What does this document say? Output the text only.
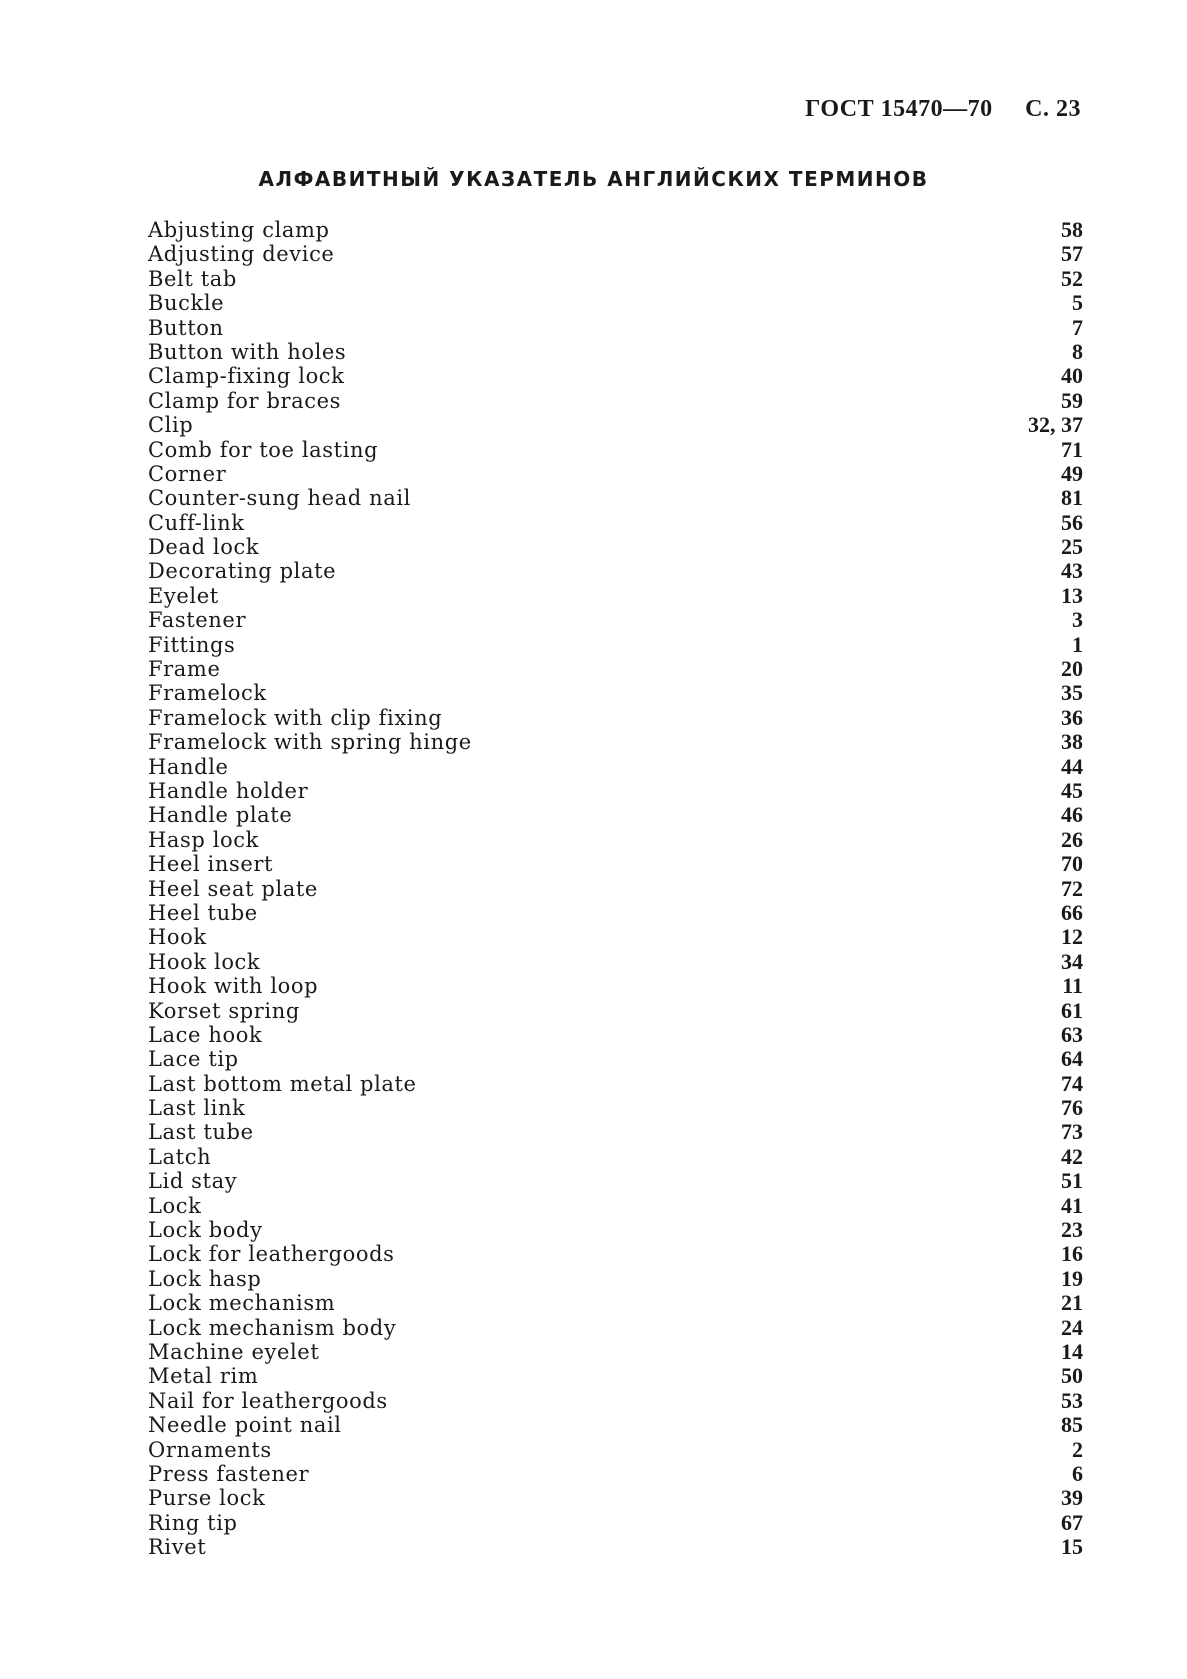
ГОСТ 15470—70 С. 23
АЛФАВИТНЫЙ УКАЗАТЕЛЬ АНГЛИЙСКИХ ТЕРМИНОВ
Abjusting clamp	58
Adjusting device	57
Belt tab	52
Buckle	5
Button	7
Button with holes	8
Clamp-fixing lock	40
Clamp for braces	59
Clip	32, 37
Comb for toe lasting	71
Corner	49
Counter-sung head nail	81
Cuff-link	56
Dead lock	25
Decorating plate	43
Eyelet	13
Fastener	3
Fittings	1
Frame	20
Framelock	35
Framelock with clip fixing	36
Framelock with spring hinge	38
Handle	44
Handle holder	45
Handle plate	46
Hasp lock	26
Heel insert	70
Heel seat plate	72
Heel tube	66
Hook	12
Hook lock	34
Hook with loop	11
Korset spring	61
Lace hook	63
Lace tip	64
Last bottom metal plate	74
Last link	76
Last tube	73
Latch	42
Lid stay	51
Lock	41
Lock body	23
Lock for leathergoods	16
Lock hasp	19
Lock mechanism	21
Lock mechanism body	24
Machine eyelet	14
Metal rim	50
Nail for leathergoods	53
Needle point nail	85
Ornaments	2
Press fastener	6
Purse lock	39
Ring tip	67
Rivet	15
